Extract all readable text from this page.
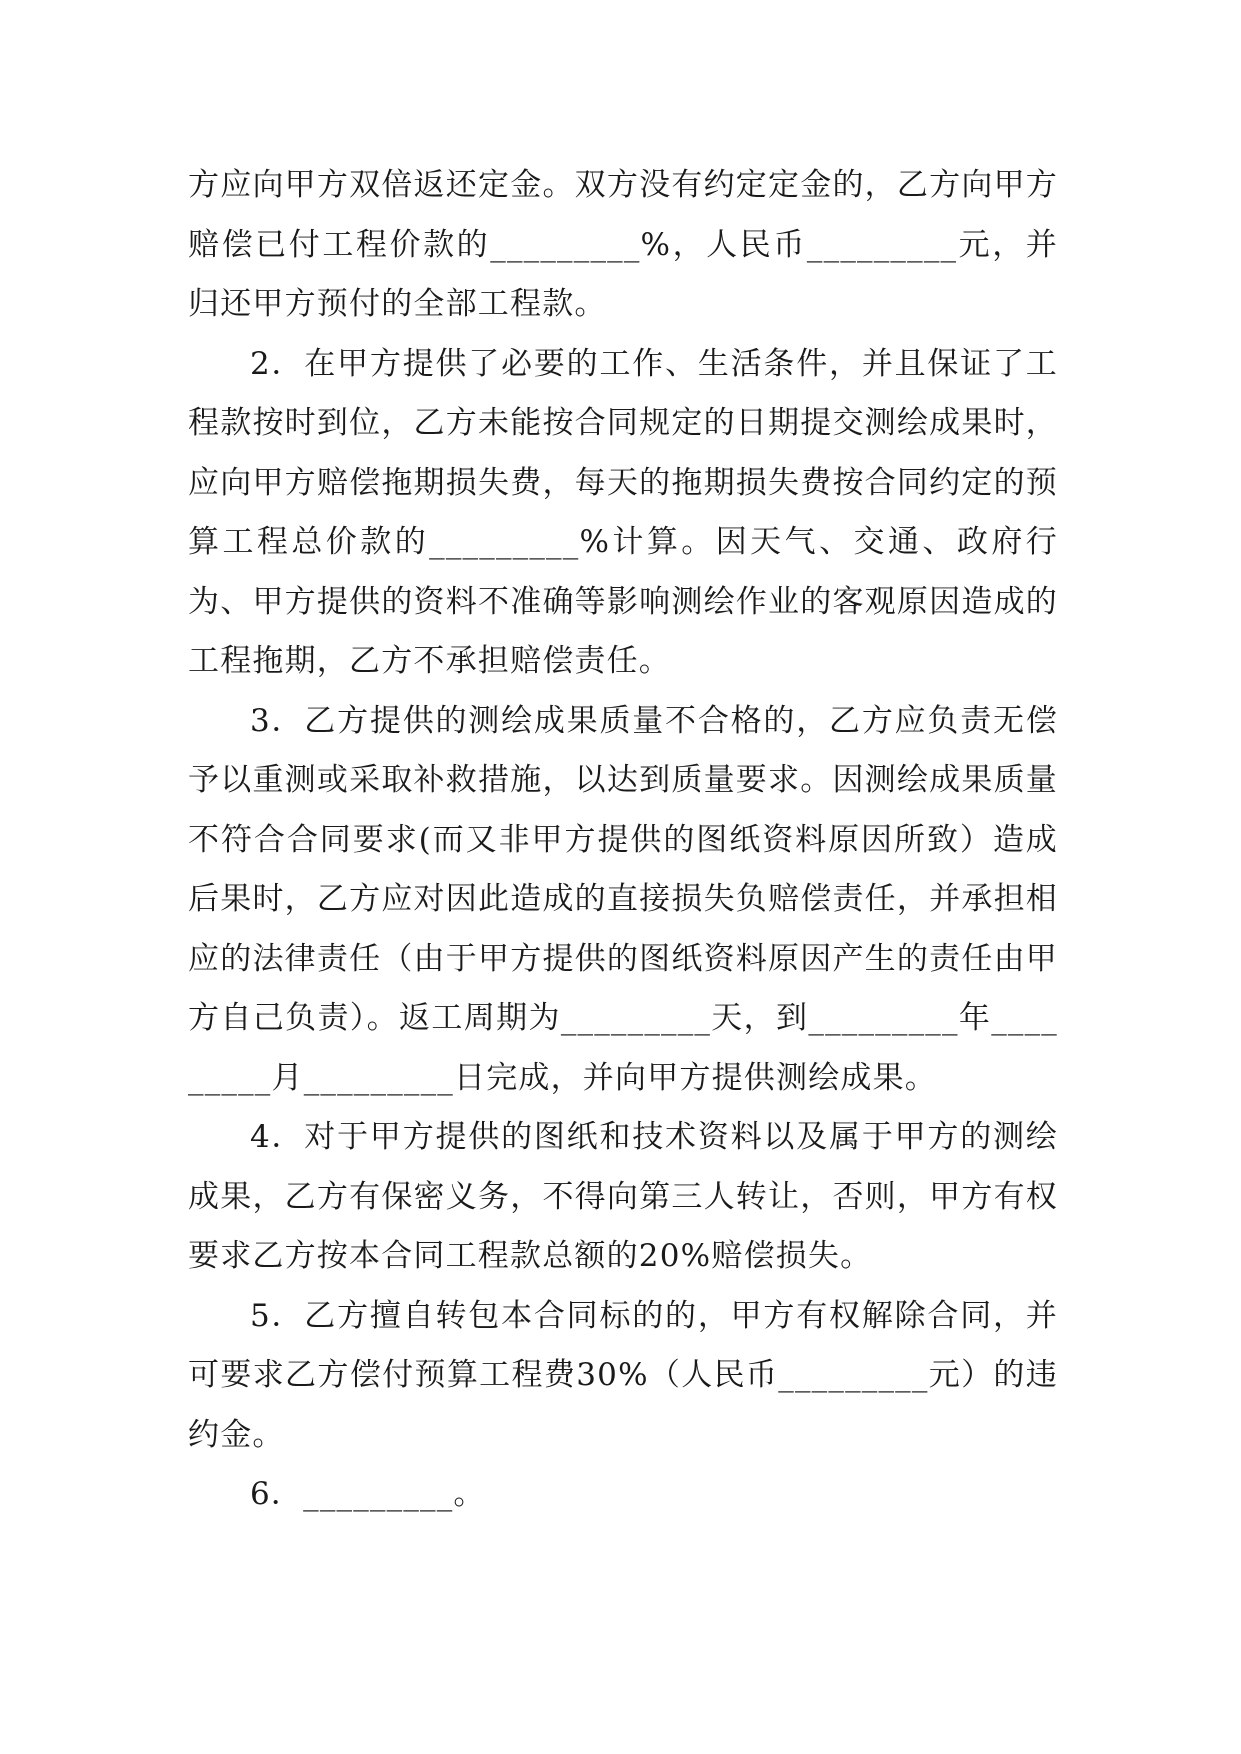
方应向甲方双倍返还定金。双方没有约定定金的，乙方向甲方赔偿已付工程价款的_________%，人民币_________元，并归还甲方预付的全部工程款。

2．在甲方提供了必要的工作、生活条件，并且保证了工程款按时到位，乙方未能按合同规定的日期提交测绘成果时，应向甲方赔偿拖期损失费，每天的拖期损失费按合同约定的预算工程总价款的_________%计算。因天气、交通、政府行为、甲方提供的资料不准确等影响测绘作业的客观原因造成的工程拖期，乙方不承担赔偿责任。

3．乙方提供的测绘成果质量不合格的，乙方应负责无偿予以重测或采取补救措施，以达到质量要求。因测绘成果质量不符合合同要求(而又非甲方提供的图纸资料原因所致）造成后果时，乙方应对因此造成的直接损失负赔偿责任，并承担相应的法律责任（由于甲方提供的图纸资料原因产生的责任由甲方自己负责）。返工周期为_________天，到_________年_________月_________日完成，并向甲方提供测绘成果。

4．对于甲方提供的图纸和技术资料以及属于甲方的测绘成果，乙方有保密义务，不得向第三人转让，否则，甲方有权要求乙方按本合同工程款总额的20%赔偿损失。

5．乙方擅自转包本合同标的的，甲方有权解除合同，并可要求乙方偿付预算工程费30%（人民币_________元）的违约金。

6．_________。
